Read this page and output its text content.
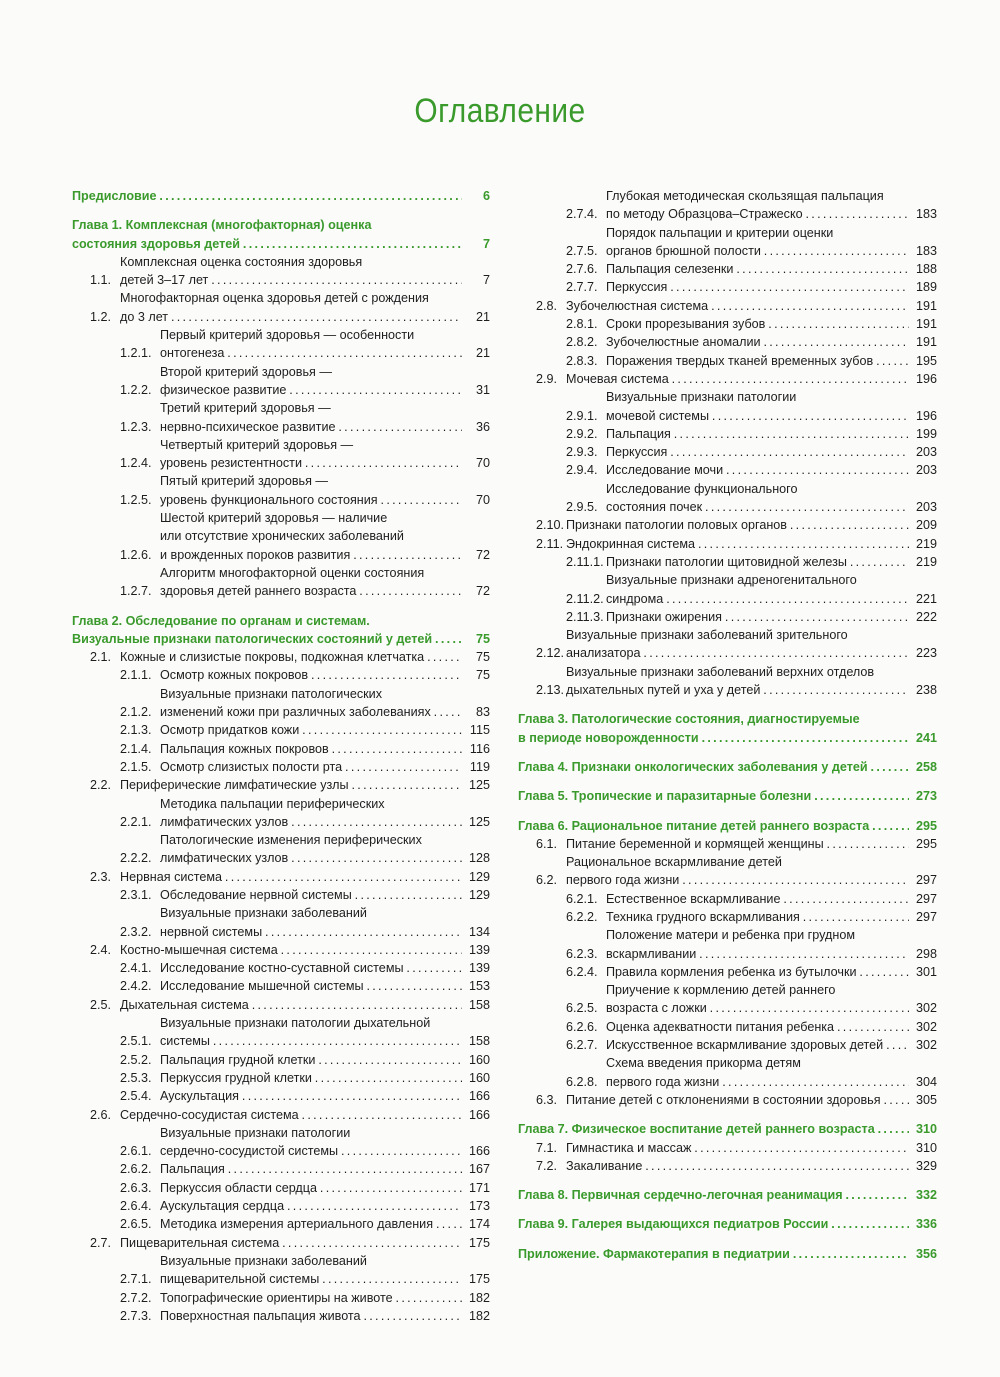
Оглавление
Предисловие . . .	6
Глава 1. Комплексная (многофакторная) оценка
состояния здоровья детей . . .	7
1.1.
Комплексная оценка состояния здоровья
детей 3–17 лет . . .	7
1.2.
Многофакторная оценка здоровья детей с рождения
до 3 лет . . .	21
1.2.1.
Первый критерий здоровья — особенности
онтогенеза . . .	21
1.2.2.
Второй критерий здоровья —
физическое развитие . . .	31
1.2.3.
Третий критерий здоровья —
нервно-психическое развитие . . .	36
1.2.4.
Четвертый критерий здоровья —
уровень резистентности . . .	70
1.2.5.
Пятый критерий здоровья —
уровень функционального состояния . . .	70
1.2.6.
Шестой критерий здоровья — наличие
или отсутствие хронических заболеваний
и врожденных пороков развития . . .	72
1.2.7.
Алгоритм многофакторной оценки состояния
здоровья детей раннего возраста . . .	72
Глава 2. Обследование по органам и системам.
Визуальные признаки патологических состояний у детей . . .	75
2.1. Кожные и слизистые покровы, подкожная клетчатка . . .	75
2.1.1. Осмотр кожных покровов . . .	75
2.1.2.
Визуальные признаки патологических
изменений кожи при различных заболеваниях . . .	83
2.1.3. Осмотр придатков кожи . . .	115
2.1.4. Пальпация кожных покровов . . .	116
2.1.5. Осмотр слизистых полости рта . . .	119
2.2. Периферические лимфатические узлы . . .	125
2.2.1.
Методика пальпации периферических
лимфатических узлов . . .	125
2.2.2.
Патологические изменения периферических
лимфатических узлов . . .	128
2.3. Нервная система . . .	129
2.3.1. Обследование нервной системы . . .	129
2.3.2.
Визуальные признаки заболеваний
нервной системы . . .	134
2.4. Костно-мышечная система . . .	139
2.4.1. Исследование костно-суставной системы . . .	139
2.4.2. Исследование мышечной системы . . .	153
2.5. Дыхательная система . . .	158
2.5.1.
Визуальные признаки патологии дыхательной
системы . . .	158
2.5.2. Пальпация грудной клетки . . .	160
2.5.3. Перкуссия грудной клетки . . .	160
2.5.4. Аускультация . . .	166
2.6. Сердечно-сосудистая система . . .	166
2.6.1.
Визуальные признаки патологии
сердечно-сосудистой системы . . .	166
2.6.2. Пальпация . . .	167
2.6.3. Перкуссия области сердца . . .	171
2.6.4. Аускультация сердца . . .	173
2.6.5. Методика измерения артериального давления . . .	174
2.7. Пищеварительная система . . .	175
2.7.1.
Визуальные признаки заболеваний
пищеварительной системы . . .	175
2.7.2. Топографические ориентиры на животе . . .	182
2.7.3. Поверхностная пальпация живота . . .	182
2.7.4.
Глубокая методическая скользящая пальпация
по методу Образцова–Стражеско . . .	183
2.7.5.
Порядок пальпации и критерии оценки
органов брюшной полости . . .	183
2.7.6. Пальпация селезенки . . .	188
2.7.7. Перкуссия . . .	189
2.8. Зубочелюстная система . . .	191
2.8.1. Сроки прорезывания зубов . . .	191
2.8.2. Зубочелюстные аномалии . . .	191
2.8.3. Поражения твердых тканей временных зубов . . .	195
2.9. Мочевая система . . .	196
2.9.1.
Визуальные признаки патологии
мочевой системы . . .	196
2.9.2. Пальпация . . .	199
2.9.3. Перкуссия . . .	203
2.9.4. Исследование мочи . . .	203
2.9.5.
Исследование функционального
состояния почек . . .	203
2.10. Признаки патологии половых органов . . .	209
2.11. Эндокринная система . . .	219
2.11.1. Признаки патологии щитовидной железы . . .	219
2.11.2.
Визуальные признаки адреногенитального
синдрома . . .	221
2.11.3. Признаки ожирения . . .	222
2.12.
Визуальные признаки заболеваний зрительного
анализатора . . .	223
2.13.
Визуальные признаки заболеваний верхних отделов
дыхательных путей и уха у детей . . .	238
Глава 3. Патологические состояния, диагностируемые
в периоде новорожденности . . .	241
Глава 4. Признаки онкологических заболевания у детей . . .	258
Глава 5. Тропические и паразитарные болезни . . .	273
Глава 6. Рациональное питание детей раннего возраста . . .	295
6.1. Питание беременной и кормящей женщины . . .	295
6.2.
Рациональное вскармливание детей
первого года жизни . . .	297
6.2.1. Естественное вскармливание . . .	297
6.2.2. Техника грудного вскармливания . . .	297
6.2.3.
Положение матери и ребенка при грудном
вскармливании . . .	298
6.2.4. Правила кормления ребенка из бутылочки . . .	301
6.2.5.
Приучение к кормлению детей раннего
возраста с ложки . . .	302
6.2.6. Оценка адекватности питания ребенка . . .	302
6.2.7. Искусственное вскармливание здоровых детей . . .	302
6.2.8.
Схема введения прикорма детям
первого года жизни . . .	304
6.3. Питание детей с отклонениями в состоянии здоровья . . .	305
Глава 7. Физическое воспитание детей раннего возраста . . .	310
7.1. Гимнастика и массаж . . .	310
7.2. Закаливание . . .	329
Глава 8. Первичная сердечно-легочная реанимация . . .	332
Глава 9. Галерея выдающихся педиатров России . . .	336
Приложение. Фармакотерапия в педиатрии . . .	356
